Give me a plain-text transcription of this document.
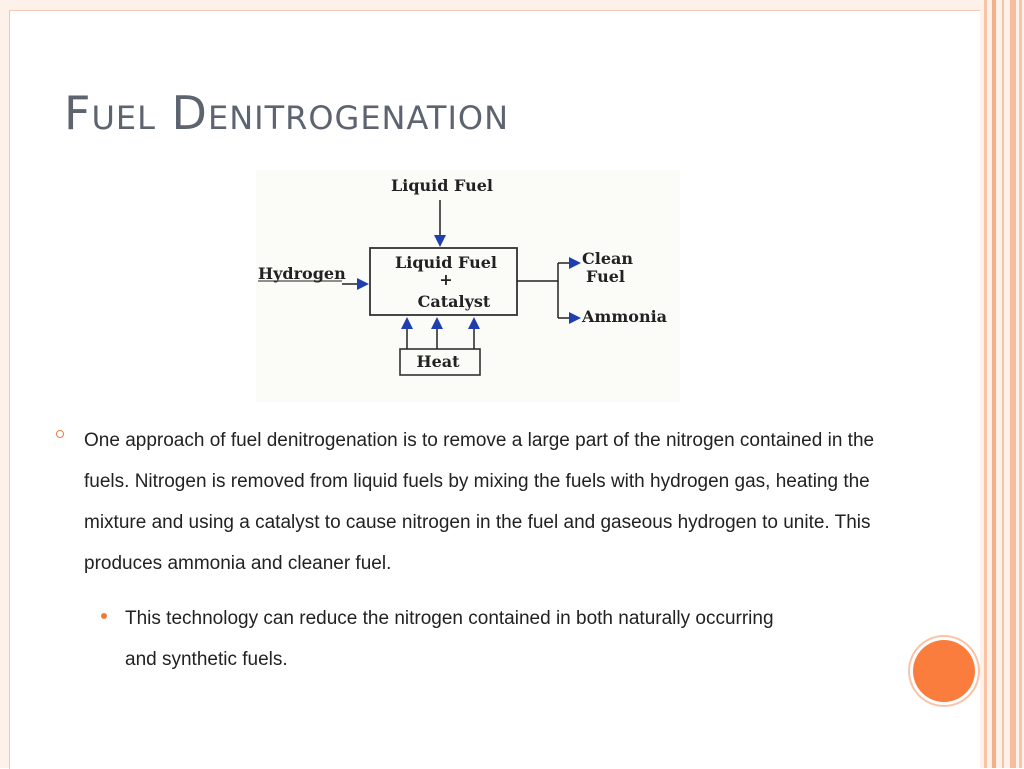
Fuel Denitrogenation
Liquid Fuel
Liquid Fuel
+
Catalyst
Hydrogen
Clean
Fuel
Ammonia
Heat
One approach of fuel denitrogenation is to remove a large part of the nitrogen contained in the fuels. Nitrogen is removed from liquid fuels by mixing the fuels with hydrogen gas, heating the mixture and using a catalyst to cause nitrogen in the fuel and gaseous hydrogen to unite. This produces ammonia and cleaner fuel.
This technology can reduce the nitrogen contained in both naturally occurring and synthetic fuels.
